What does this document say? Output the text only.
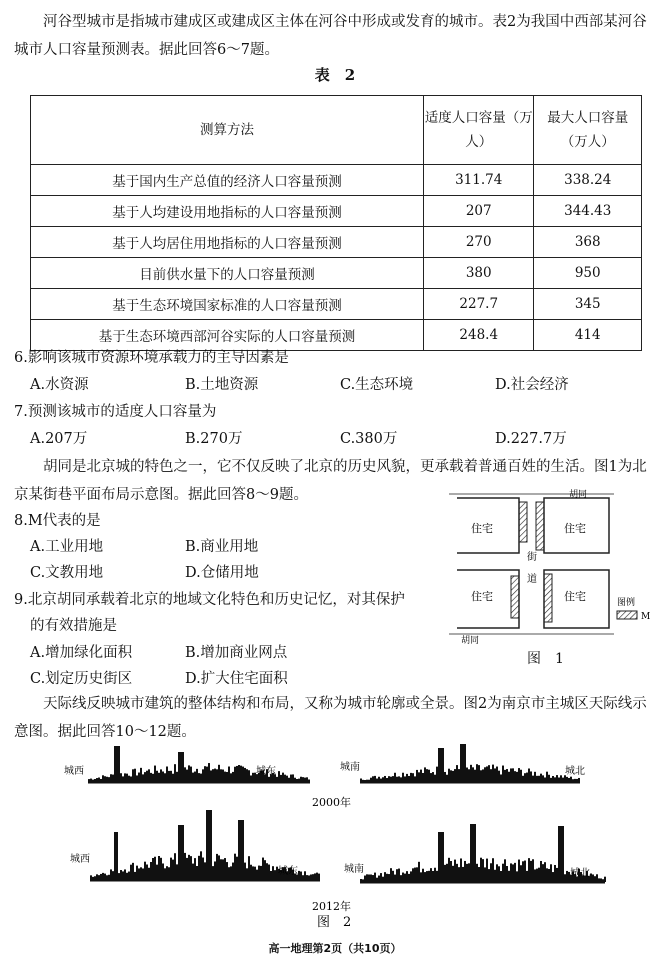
河谷型城市是指城市建成区或建成区主体在河谷中形成或发育的城市。表2为我国中西部某河谷城市人口容量预测表。据此回答6～7题。
表　2
测算方法	适度人口容量（万人）	最大人口容量（万人）
基于国内生产总值的经济人口容量预测	311.74	338.24
基于人均建设用地指标的人口容量预测	207	344.43
基于人均居住用地指标的人口容量预测	270	368
目前供水量下的人口容量预测	380	950
基于生态环境国家标准的人口容量预测	227.7	345
基于生态环境西部河谷实际的人口容量预测	248.4	414
6.影响该城市资源环境承载力的主导因素是
A.水资源	B.土地资源	C.生态环境	D.社会经济
7.预测该城市的适度人口容量为
A.207万	B.270万	C.380万	D.227.7万
胡同是北京城的特色之一，它不仅反映了北京的历史风貌，更承载着普通百姓的生活。图1为北京某街巷平面布局示意图。据此回答8～9题。
8.M代表的是
A.工业用地	B.商业用地
C.文教用地	D.仓储用地
9.北京胡同承载着北京的地域文化特色和历史记忆，对其保护
的有效措施是
A.增加绿化面积	B.增加商业网点
C.划定历史街区	D.扩大住宅面积
胡同
胡同
住宅	住宅
住宅	住宅
街
道
图例
M
图　1
天际线反映城市建筑的整体结构和布局，又称为城市轮廓或全景。图2为南京市主城区天际线示意图。据此回答10～12题。
城西	城东	城南	城北
2000年
城西
城东	城南	城北
2012年
图　2
高一地理第2页（共10页）
